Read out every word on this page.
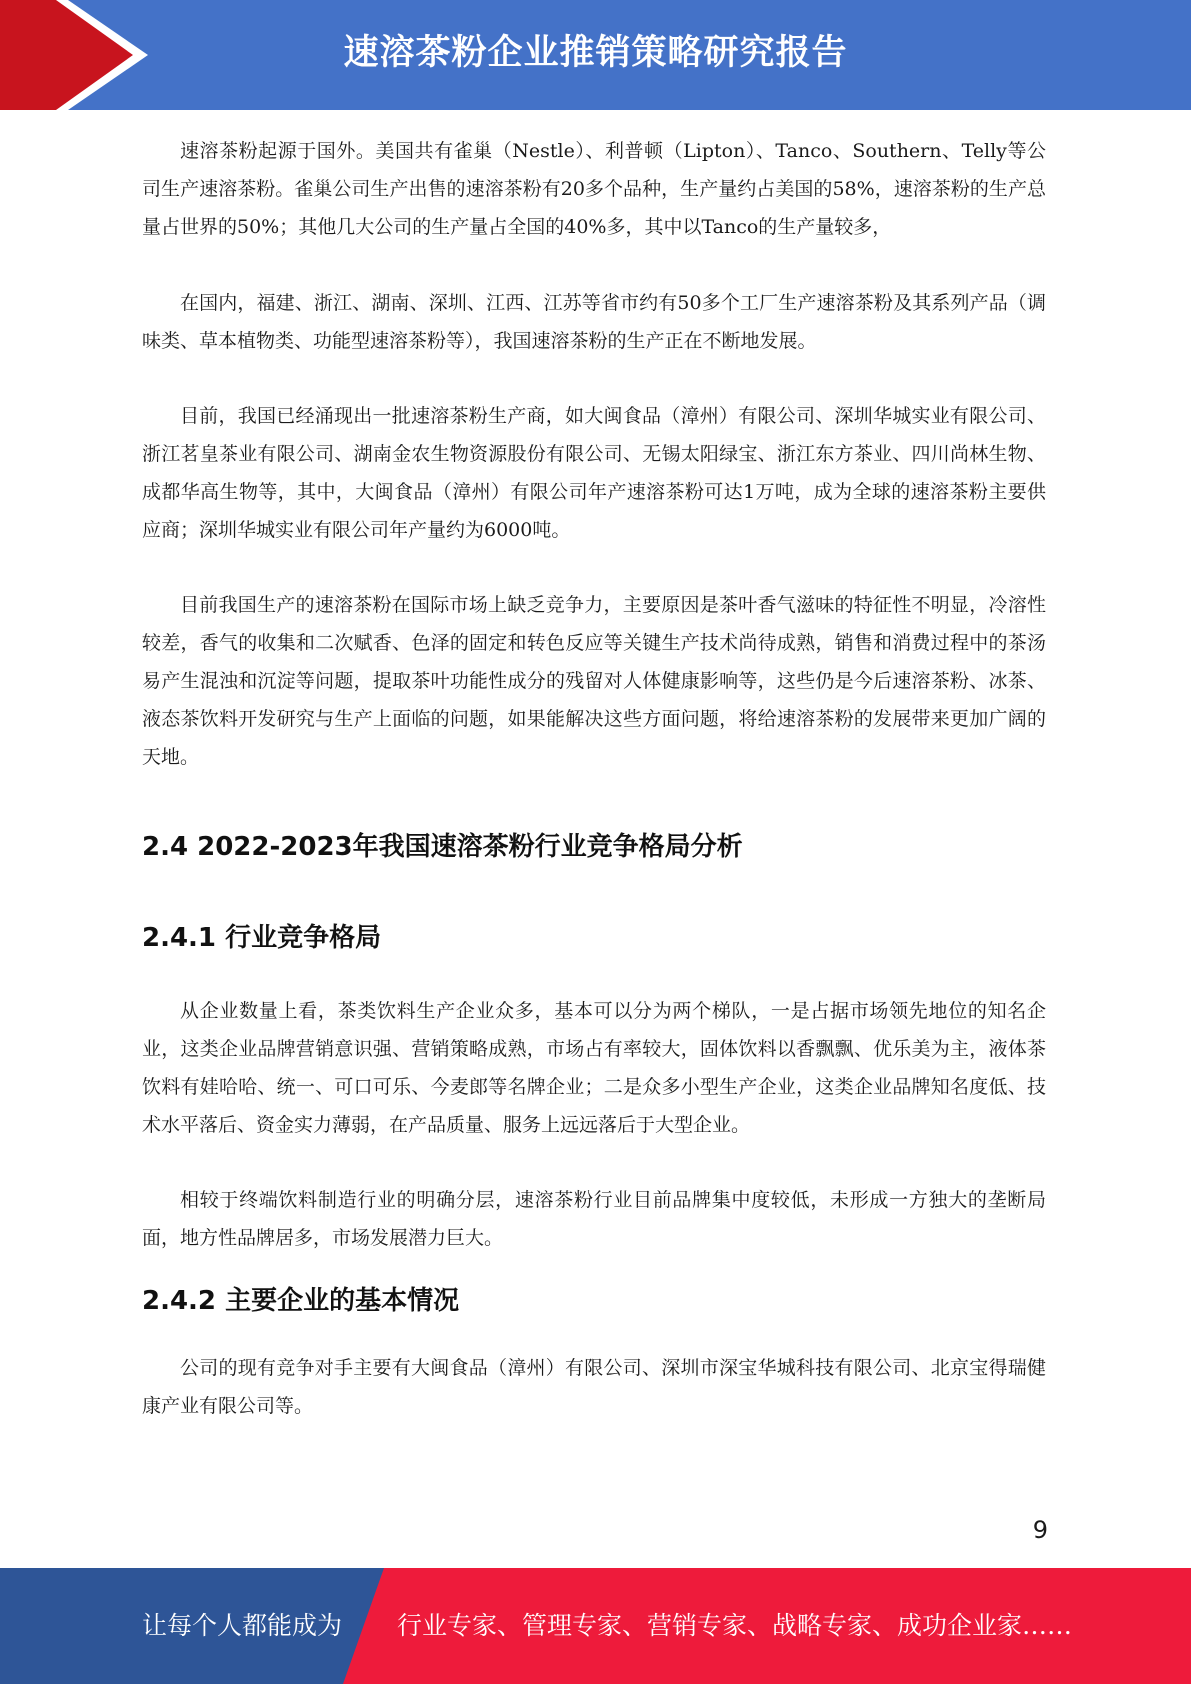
速溶茶粉企业推销策略研究报告

速溶茶粉起源于国外。美国共有雀巢（Nestle）、利普顿（Lipton）、Tanco、Southern、Telly等公司生产速溶茶粉。雀巢公司生产出售的速溶茶粉有20多个品种，生产量约占美国的58%，速溶茶粉的生产总量占世界的50%；其他几大公司的生产量占全国的40%多，其中以Tanco的生产量较多，

在国内，福建、浙江、湖南、深圳、江西、江苏等省市约有50多个工厂生产速溶茶粉及其系列产品（调味类、草本植物类、功能型速溶茶粉等），我国速溶茶粉的生产正在不断地发展。

目前，我国已经涌现出一批速溶茶粉生产商，如大闽食品（漳州）有限公司、深圳华城实业有限公司、浙江茗皇茶业有限公司、湖南金农生物资源股份有限公司、无锡太阳绿宝、浙江东方茶业、四川尚林生物、成都华高生物等，其中，大闽食品（漳州）有限公司年产速溶茶粉可达1万吨，成为全球的速溶茶粉主要供应商；深圳华城实业有限公司年产量约为6000吨。

目前我国生产的速溶茶粉在国际市场上缺乏竞争力，主要原因是茶叶香气滋味的特征性不明显，冷溶性较差，香气的收集和二次赋香、色泽的固定和转色反应等关键生产技术尚待成熟，销售和消费过程中的茶汤易产生混浊和沉淀等问题，提取茶叶功能性成分的残留对人体健康影响等，这些仍是今后速溶茶粉、冰茶、液态茶饮料开发研究与生产上面临的问题，如果能解决这些方面问题，将给速溶茶粉的发展带来更加广阔的天地。

2.4 2022-2023年我国速溶茶粉行业竞争格局分析
2.4.1 行业竞争格局

从企业数量上看，茶类饮料生产企业众多，基本可以分为两个梯队，一是占据市场领先地位的知名企业，这类企业品牌营销意识强、营销策略成熟，市场占有率较大，固体饮料以香飘飘、优乐美为主，液体茶饮料有娃哈哈、统一、可口可乐、今麦郎等名牌企业；二是众多小型生产企业，这类企业品牌知名度低、技术水平落后、资金实力薄弱，在产品质量、服务上远远落后于大型企业。

相较于终端饮料制造行业的明确分层，速溶茶粉行业目前品牌集中度较低，未形成一方独大的垄断局面，地方性品牌居多，市场发展潜力巨大。

2.4.2 主要企业的基本情况

公司的现有竞争对手主要有大闽食品（漳州）有限公司、深圳市深宝华城科技有限公司、北京宝得瑞健康产业有限公司等。

9
让每个人都能成为 行业专家、管理专家、营销专家、战略专家、成功企业家……
